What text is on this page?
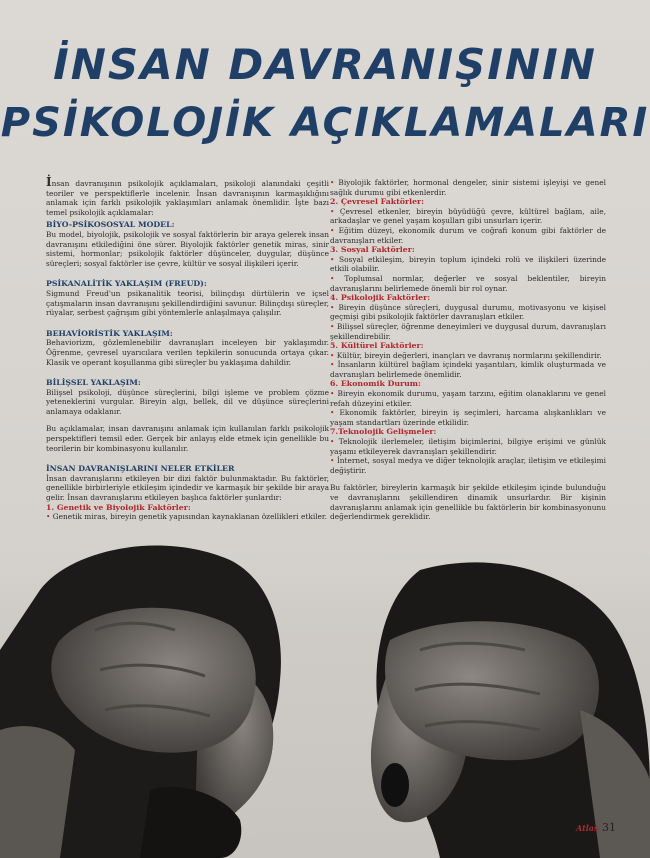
İNSAN DAVRANIŞININ
PSİKOLOJİK AÇIKLAMALARI

İnsan davranışının psikolojik açıklamaları, psikoloji alanındaki çeşitli teoriler ve perspektiflerle incelenir. İnsan davranışının karmaşıklığını anlamak için farklı psikolojik yaklaşımları anlamak önemlidir. İşte bazı temel psikolojik açıklamalar:

BİYO-PSİKOSOSYAL MODEL:

Bu model, biyolojik, psikolojik ve sosyal faktörlerin bir araya gelerek insan davranışını etkilediğini öne sürer. Biyolojik faktörler genetik miras, sinir sistemi, hormonlar; psikolojik faktörler düşünceler, duygular, düşünce süreçleri; sosyal faktörler ise çevre, kültür ve sosyal ilişkileri içerir.

PSİKANALİTİK YAKLAŞIM (FREUD):

Sigmund Freud'un psikanalitik teorisi, bilinçdışı dürtülerin ve içsel çatışmaların insan davranışını şekillendirdiğini savunur. Bilinçdışı süreçler, rüyalar, serbest çağrışım gibi yöntemlerle anlaşılmaya çalışılır.

BEHAVİORİSTİK YAKLAŞIM:

Behaviorizm, gözlemlenebilir davranışları inceleyen bir yaklaşımdır. Öğrenme, çevresel uyarıcılara verilen tepkilerin sonucunda ortaya çıkar. Klasik ve operant koşullanma gibi süreçler bu yaklaşıma dahildir.

BİLİŞSEL YAKLAŞIM:

Bilişsel psikoloji, düşünce süreçlerini, bilgi işleme ve problem çözme yeteneklerini vurgular. Bireyin algı, bellek, dil ve düşünce süreçlerini anlamaya odaklanır.

Bu açıklamalar, insan davranışını anlamak için kullanılan farklı psikolojik perspektifleri temsil eder. Gerçek bir anlayış elde etmek için genellikle bu teorilerin bir kombinasyonu kullanılır.

İNSAN DAVRANIŞLARINI NELER ETKİLER

İnsan davranışlarını etkileyen bir dizi faktör bulunmaktadır. Bu faktörler, genellikle birbirleriyle etkileşim içindedir ve karmaşık bir şekilde bir araya gelir. İnsan davranışlarını etkileyen başlıca faktörler şunlardır:

1. Genetik ve Biyolojik Faktörler:

• Genetik miras, bireyin genetik yapısından kaynaklanan özellikleri etkiler.

• Biyolojik faktörler, hormonal dengeler, sinir sistemi işleyişi ve genel sağlık durumu gibi etkenlerdir.

2. Çevresel Faktörler:

• Çevresel etkenler, bireyin büyüdüğü çevre, kültürel bağlam, aile, arkadaşlar ve genel yaşam koşulları gibi unsurları içerir.

• Eğitim düzeyi, ekonomik durum ve coğrafi konum gibi faktörler de davranışları etkiler.

3. Sosyal Faktörler:

• Sosyal etkileşim, bireyin toplum içindeki rolü ve ilişkileri üzerinde etkili olabilir.

• Toplumsal normlar, değerler ve sosyal beklentiler, bireyin davranışlarını belirlemede önemli bir rol oynar.

4. Psikolojik Faktörler:

• Bireyin düşünce süreçleri, duygusal durumu, motivasyonu ve kişisel geçmişi gibi psikolojik faktörler davranışları etkiler.

• Bilişsel süreçler, öğrenme deneyimleri ve duygusal durum, davranışları şekillendirebilir.

5. Kültürel Faktörler:

• Kültür, bireyin değerleri, inançları ve davranış normlarını şekillendirir.

• İnsanların kültürel bağlam içindeki yaşantıları, kimlik oluşturmada ve davranışları belirlemede önemlidir.

6. Ekonomik Durum:

• Bireyin ekonomik durumu, yaşam tarzını, eğitim olanaklarını ve genel refah düzeyini etkiler.

• Ekonomik faktörler, bireyin iş seçimleri, harcama alışkanlıkları ve yaşam standartları üzerinde etkilidir.

7.Teknolojik Gelişmeler:

• Teknolojik ilerlemeler, iletişim biçimlerini, bilgiye erişimi ve günlük yaşamı etkileyerek davranışları şekillendirir.

• İnternet, sosyal medya ve diğer teknolojik araçlar, iletişim ve etkileşimi değiştirir.

Bu faktörler, bireylerin karmaşık bir şekilde etkileşim içinde bulunduğu ve davranışlarını şekillendiren dinamik unsurlardır. Bir kişinin davranışlarını anlamak için genellikle bu faktörlerin bir kombinasyonunu değerlendirmek gereklidir.

Atlas 31
